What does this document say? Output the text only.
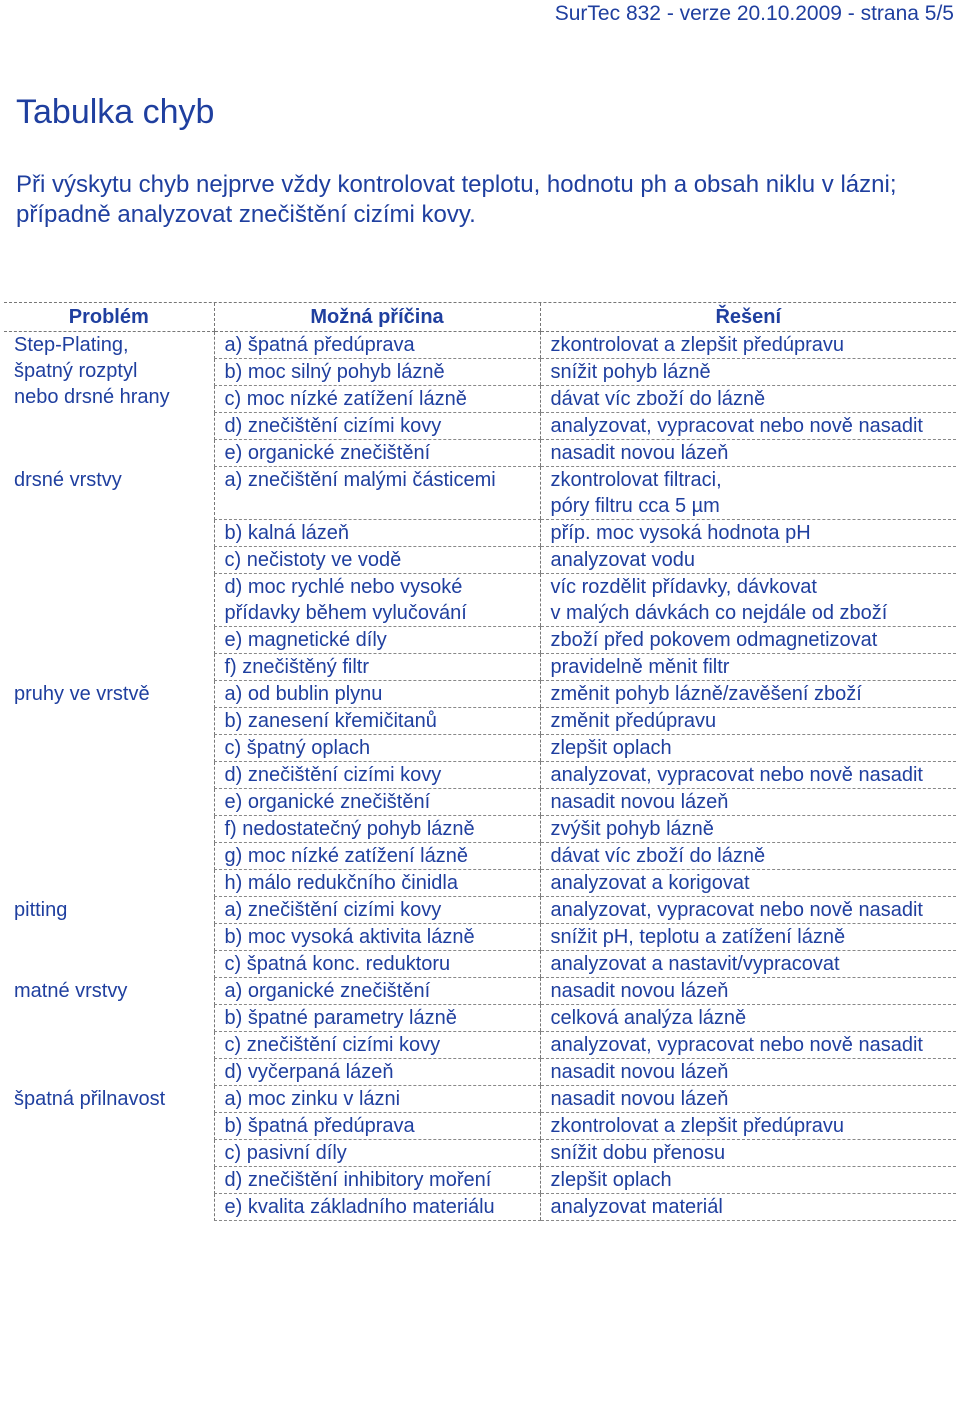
SurTec 832 - verze 20.10.2009 - strana 5/5
Tabulka chyb

Při výskytu chyb nejprve vždy kontrolovat teplotu, hodnotu ph a obsah niklu v lázni; případně analyzovat znečištění cizími kovy.

Problém	Možná příčina	Řešení
Step-Plating,
špatný rozptyl
nebo drsné hrany	a) špatná předúprava	zkontrolovat a zlepšit předúpravu
	b) moc silný pohyb lázně	snížit pohyb lázně
	c) moc nízké zatížení lázně	dávat víc zboží do lázně
	d) znečištění cizími kovy	analyzovat, vypracovat nebo nově nasadit
	e) organické znečištění	nasadit novou lázeň
drsné vrstvy	a) znečištění malými částicemi	zkontrolovat filtraci,
póry filtru cca 5 µm
	b) kalná lázeň	příp. moc vysoká hodnota pH
	c) nečistoty ve vodě	analyzovat vodu
	d) moc rychlé nebo vysoké přídavky během vylučování	víc rozdělit přídavky, dávkovat
v malých dávkách co nejdále od zboží
	e) magnetické díly	zboží před pokovem odmagnetizovat
	f) znečištěný filtr	pravidelně měnit filtr
pruhy ve vrstvě	a) od bublin plynu	změnit pohyb lázně/zavěšení zboží
	b) zanesení křemičitanů	změnit předúpravu
	c) špatný oplach	zlepšit oplach
	d) znečištění cizími kovy	analyzovat, vypracovat nebo nově nasadit
	e) organické znečištění	nasadit novou lázeň
	f) nedostatečný pohyb lázně	zvýšit pohyb lázně
	g) moc nízké zatížení lázně	dávat víc zboží do lázně
	h) málo redukčního činidla	analyzovat a korigovat
pitting	a) znečištění cizími kovy	analyzovat, vypracovat nebo nově nasadit
	b) moc vysoká aktivita lázně	snížit pH, teplotu a zatížení lázně
	c) špatná konc. reduktoru	analyzovat a nastavit/vypracovat
matné vrstvy	a) organické znečištění	nasadit novou lázeň
	b) špatné parametry lázně	celková analýza lázně
	c) znečištění cizími kovy	analyzovat, vypracovat nebo nově nasadit
	d) vyčerpaná lázeň	nasadit novou lázeň
špatná přilnavost	a) moc zinku v lázni	nasadit novou lázeň
	b) špatná předúprava	zkontrolovat a zlepšit předúpravu
	c) pasivní díly	snížit dobu přenosu
	d) znečištění inhibitory moření	zlepšit oplach
	e) kvalita základního materiálu	analyzovat materiál
